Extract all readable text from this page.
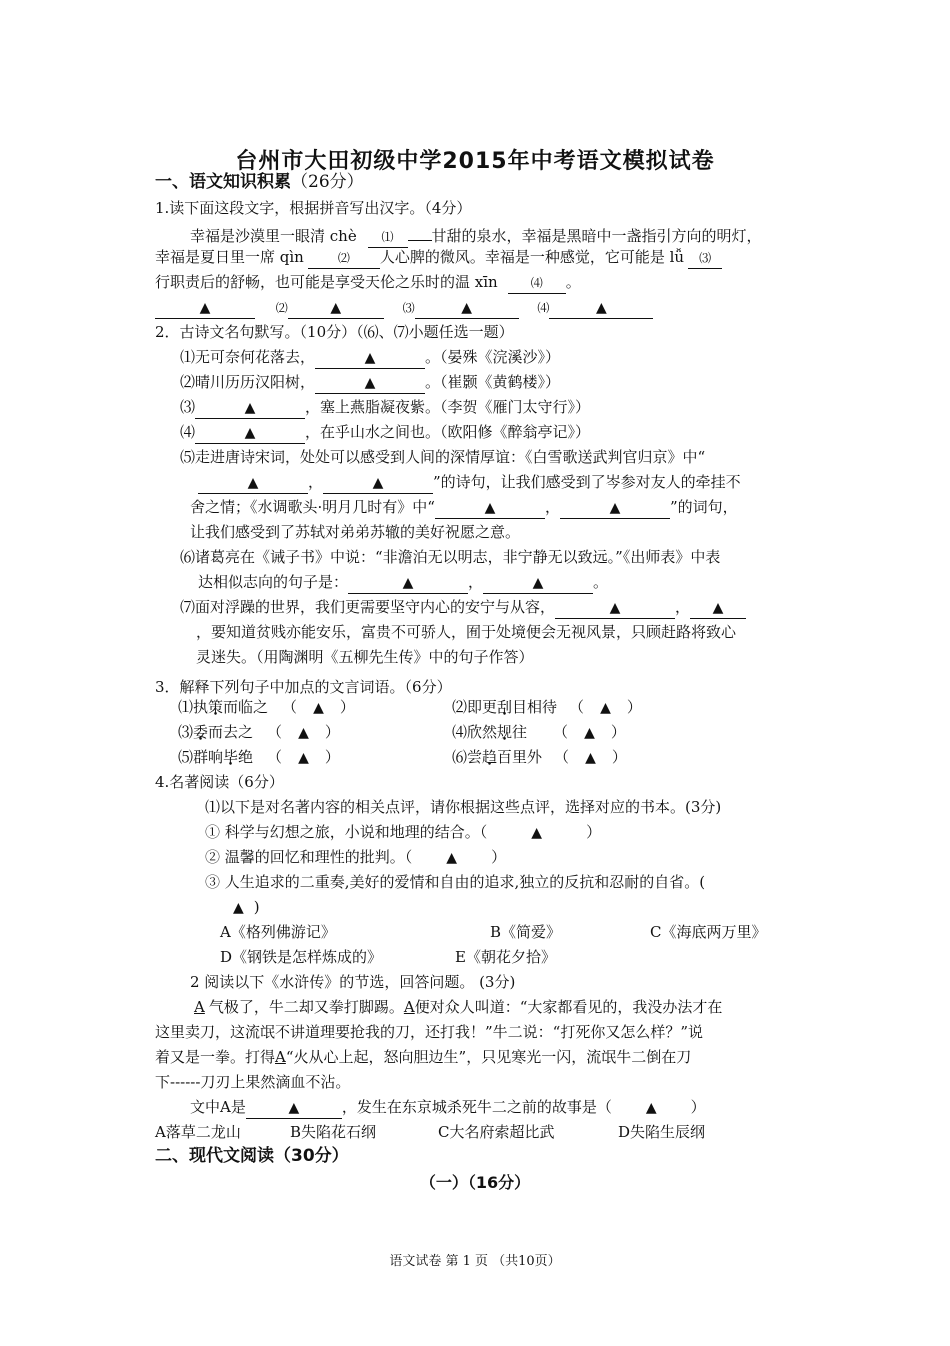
台州市大田初级中学2015年中考语文模拟试卷
一、语文知识积累（26分）
1.读下面这段文字，根据拼音写出汉字。（4分）
幸福是沙漠里一眼清 chè ⑴	甘甜的泉水，幸福是黑暗中一盏指引方向的明灯，
幸福是夏日里一席 qìn	⑵ 人心脾的微风。幸福是一种感觉，它可能是 lǚ ⑶
行职责后的舒畅，也可能是享受天伦之乐时的温 xīn	⑷ 。
▲	⑵	▲	⑶	▲	⑷	▲
2．古诗文名句默写。（10分）（⑹、⑺小题任选一题）
⑴无可奈何花落去，	▲	。（晏殊《浣溪沙》）
⑵晴川历历汉阳树，	▲	。（崔颢《黄鹤楼》）
⑶	▲	，塞上燕脂凝夜紫。（李贺《雁门太守行》）
⑷	▲	，在乎山水之间也。（欧阳修《醉翁亭记》）
⑸走进唐诗宋词，处处可以感受到人间的深情厚谊：《白雪歌送武判官归京》中“
▲	，	▲	”的诗句，让我们感受到了岑参对友人的牵挂不
舍之情；《水调歌头·明月几时有》中“	▲	，	▲	”的词句，
让我们感受到了苏轼对弟弟苏辙的美好祝愿之意。
⑹诸葛亮在《诫子书》中说：“非澹泊无以明志，非宁静无以致远。”《出师表》中表
达相似志向的句子是：	▲	，	▲	。
⑺面对浮躁的世界，我们更需要坚守内心的安宁与从容，	▲	， ▲
，要知道贫贱亦能安乐，富贵不可骄人，囿于处境便会无视风景，只顾赶路将致心
灵迷失。（用陶渊明《五柳先生传》中的句子作答）
3．解释下列句子中加点的文言词语。（6分）
⑴执策而临之 （ ▲ ）	⑵即更刮目相待 （ ▲ ）
⑶委而去之 （ ▲ ）	⑷欣然规往 （ ▲ ）
⑸群响毕绝 （ ▲ ）	⑹尝趋百里外 （ ▲ ）
4.名著阅读（6分）
⑴以下是对名著内容的相关点评，请你根据这些点评，选择对应的书本。(3分)
① 科学与幻想之旅，小说和地理的结合。（	▲	）
② 温馨的回忆和理性的批判。（ ▲ ）
③ 人生追求的二重奏,美好的爱情和自由的追求,独立的反抗和忍耐的自省。(
▲ )
A《格列佛游记》	B《简爱》	C《海底两万里》
D《钢铁是怎样炼成的》	E《朝花夕拾》
2 阅读以下《水浒传》的节选，回答问题。 (3分)
A 气极了，牛二却又拳打脚踢。A便对众人叫道：“大家都看见的，我没办法才在
这里卖刀，这流氓不讲道理要抢我的刀，还打我！”牛二说：“打死你又怎么样？”说
着又是一拳。打得A“火从心上起，怒向胆边生”，只见寒光一闪，流氓牛二倒在刀
下------刀刃上果然滴血不沾。
文中A是	▲	，发生在东京城杀死牛二之前的故事是（ ▲ ）
A落草二龙山	B失陷花石纲	C大名府索超比武	D失陷生辰纲
二、现代文阅读（30分）
（一）（16分）
语文试卷 第 1 页 （共10页）
